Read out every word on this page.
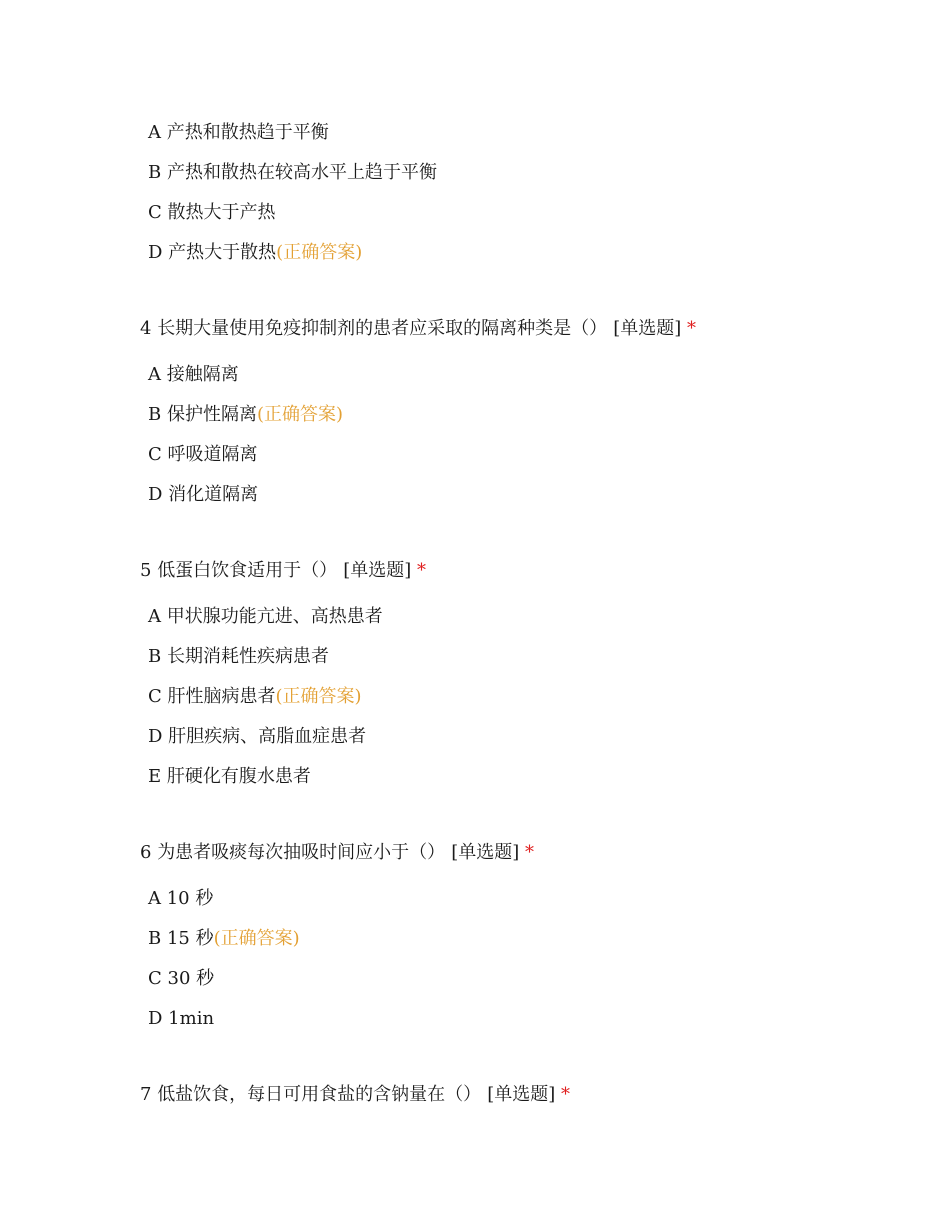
A 产热和散热趋于平衡
B 产热和散热在较高水平上趋于平衡
C 散热大于产热
D 产热大于散热(正确答案)
4 长期大量使用免疫抑制剂的患者应采取的隔离种类是（） [单选题] *
A 接触隔离
B 保护性隔离(正确答案)
C 呼吸道隔离
D 消化道隔离
5 低蛋白饮食适用于（） [单选题] *
A 甲状腺功能亢进、高热患者
B 长期消耗性疾病患者
C 肝性脑病患者(正确答案)
D 肝胆疾病、高脂血症患者
E 肝硬化有腹水患者
6 为患者吸痰每次抽吸时间应小于（） [单选题] *
A 10 秒
B 15 秒(正确答案)
C 30 秒
D 1min
7 低盐饮食，每日可用食盐的含钠量在（） [单选题] *
